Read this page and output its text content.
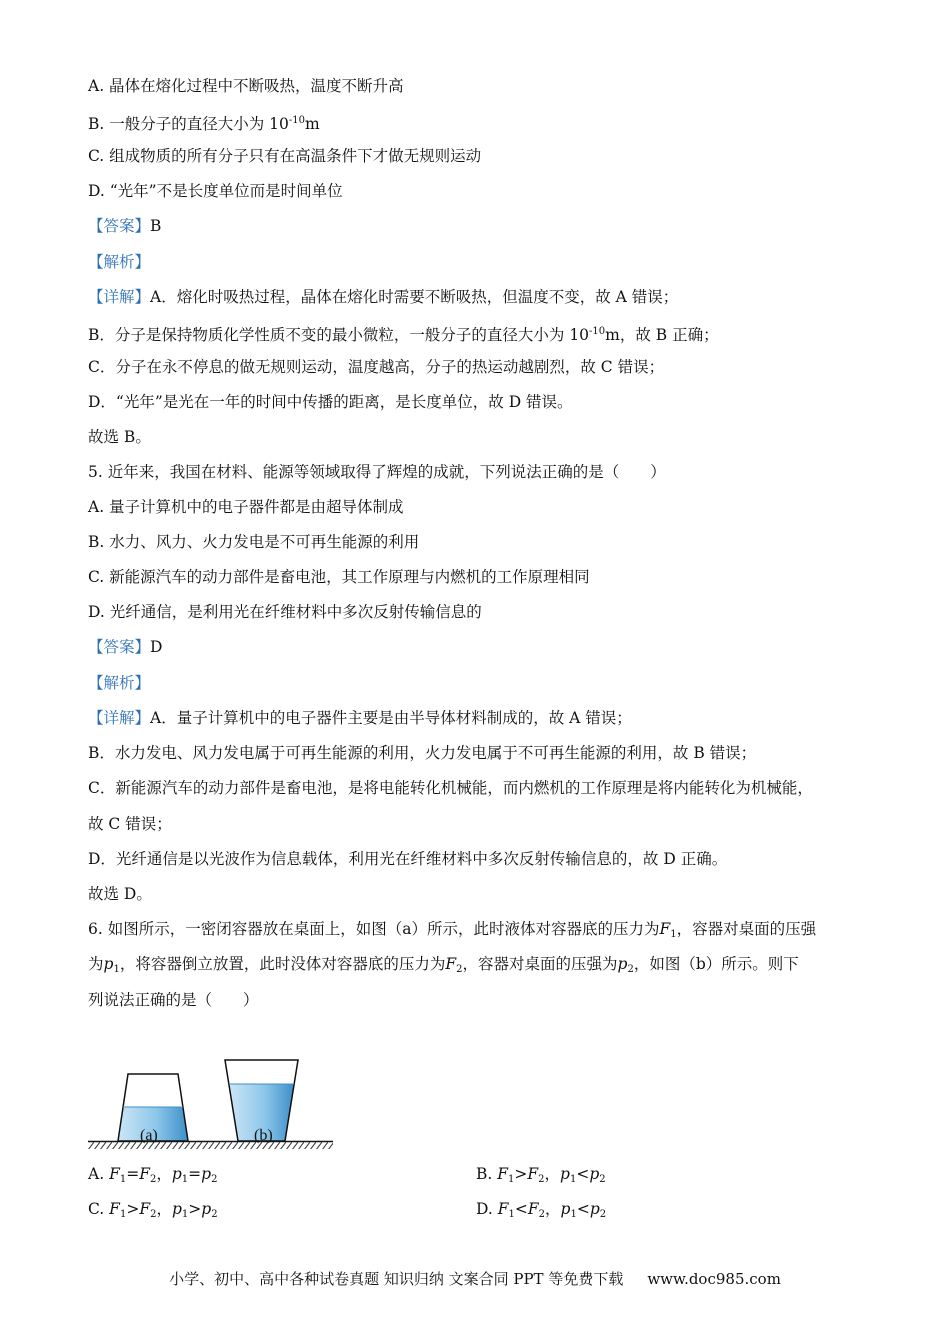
A. 晶体在熔化过程中不断吸热，温度不断升高
B. 一般分子的直径大小为 $10^{-10}m$
C. 组成物质的所有分子只有在高温条件下才做无规则运动
D. “光年”不是长度单位而是时间单位
【答案】B
【解析】
【详解】A．熔化时吸热过程，晶体在熔化时需要不断吸热，但温度不变，故 A 错误；
B．分子是保持物质化学性质不变的最小微粒，一般分子的直径大小为 $10^{-10}m$，故 B 正确；
C．分子在永不停息的做无规则运动，温度越高，分子的热运动越剧烈，故 C 错误；
D．“光年”是光在一年的时间中传播的距离，是长度单位，故 D 错误。
故选 B。
5. 近年来，我国在材料、能源等领域取得了辉煌的成就，下列说法正确的是（　　）
A. 量子计算机中的电子器件都是由超导体制成
B. 水力、风力、火力发电是不可再生能源的利用
C. 新能源汽车的动力部件是畜电池，其工作原理与内燃机的工作原理相同
D. 光纤通信，是利用光在纤维材料中多次反射传输信息的
【答案】D
【解析】
【详解】A．量子计算机中的电子器件主要是由半导体材料制成的，故 A 错误；
B．水力发电、风力发电属于可再生能源的利用，火力发电属于不可再生能源的利用，故 B 错误；
C．新能源汽车的动力部件是畜电池，是将电能转化机械能，而内燃机的工作原理是将内能转化为机械能，
故 C 错误；
D．光纤通信是以光波作为信息载体，利用光在纤维材料中多次反射传输信息的，故 D 正确。
故选 D。
6. 如图所示，一密闭容器放在桌面上，如图（a）所示，此时液体对容器底的压力为$F_1$，容器对桌面的压强
为$p_1$，将容器倒立放置，此时没体对容器底的压力为$F_2$，容器对桌面的压强为$p_2$，如图（b）所示。则下
列说法正确的是（　　）
(a)	(b)
A. $F_1=F_2$，$p_1=p_2$	B. $F_1>F_2$，$p_1<p_2$
C. $F_1>F_2$，$p_1>p_2$	D. $F_1<F_2$，$p_1<p_2$
小学、初中、高中各种试卷真题 知识归纳 文案合同 PPT 等免费下载 www.doc985.com
